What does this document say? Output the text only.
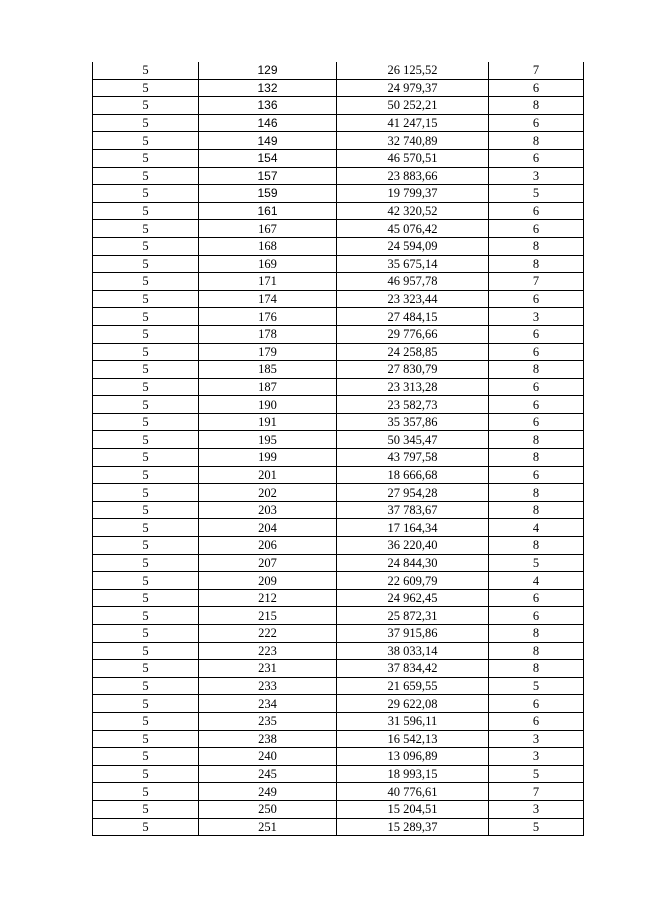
5	129	26 125,52	7
5	132	24 979,37	6
5	136	50 252,21	8
5	146	41 247,15	6
5	149	32 740,89	8
5	154	46 570,51	6
5	157	23 883,66	3
5	159	19 799,37	5
5	161	42 320,52	6
5	167	45 076,42	6
5	168	24 594,09	8
5	169	35 675,14	8
5	171	46 957,78	7
5	174	23 323,44	6
5	176	27 484,15	3
5	178	29 776,66	6
5	179	24 258,85	6
5	185	27 830,79	8
5	187	23 313,28	6
5	190	23 582,73	6
5	191	35 357,86	6
5	195	50 345,47	8
5	199	43 797,58	8
5	201	18 666,68	6
5	202	27 954,28	8
5	203	37 783,67	8
5	204	17 164,34	4
5	206	36 220,40	8
5	207	24 844,30	5
5	209	22 609,79	4
5	212	24 962,45	6
5	215	25 872,31	6
5	222	37 915,86	8
5	223	38 033,14	8
5	231	37 834,42	8
5	233	21 659,55	5
5	234	29 622,08	6
5	235	31 596,11	6
5	238	16 542,13	3
5	240	13 096,89	3
5	245	18 993,15	5
5	249	40 776,61	7
5	250	15 204,51	3
5	251	15 289,37	5
